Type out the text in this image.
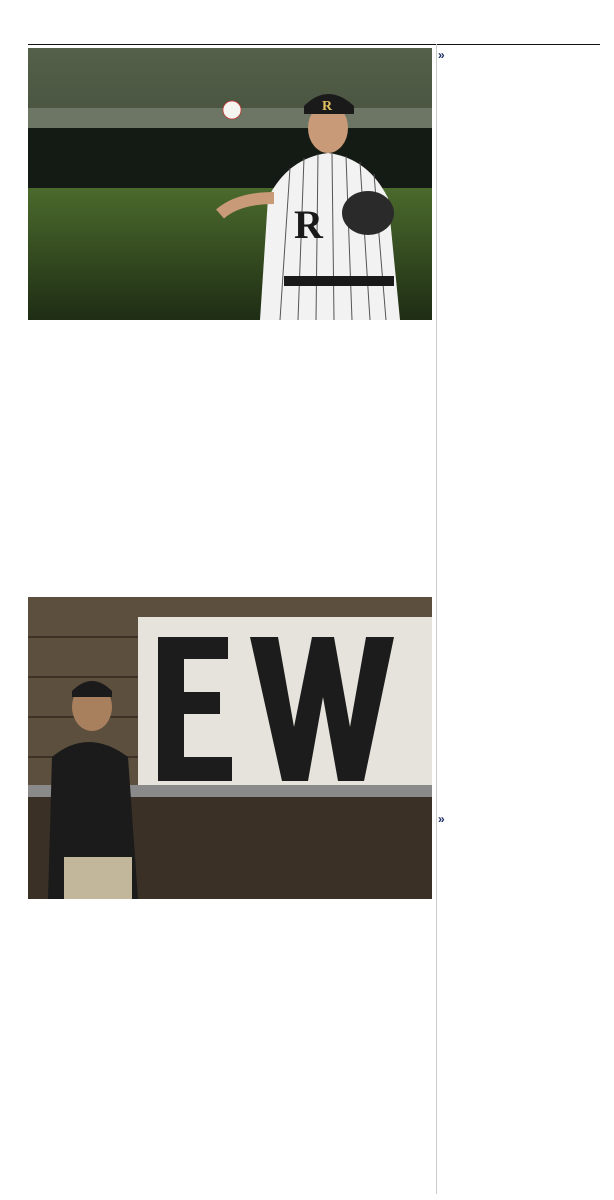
R
R
»
»
